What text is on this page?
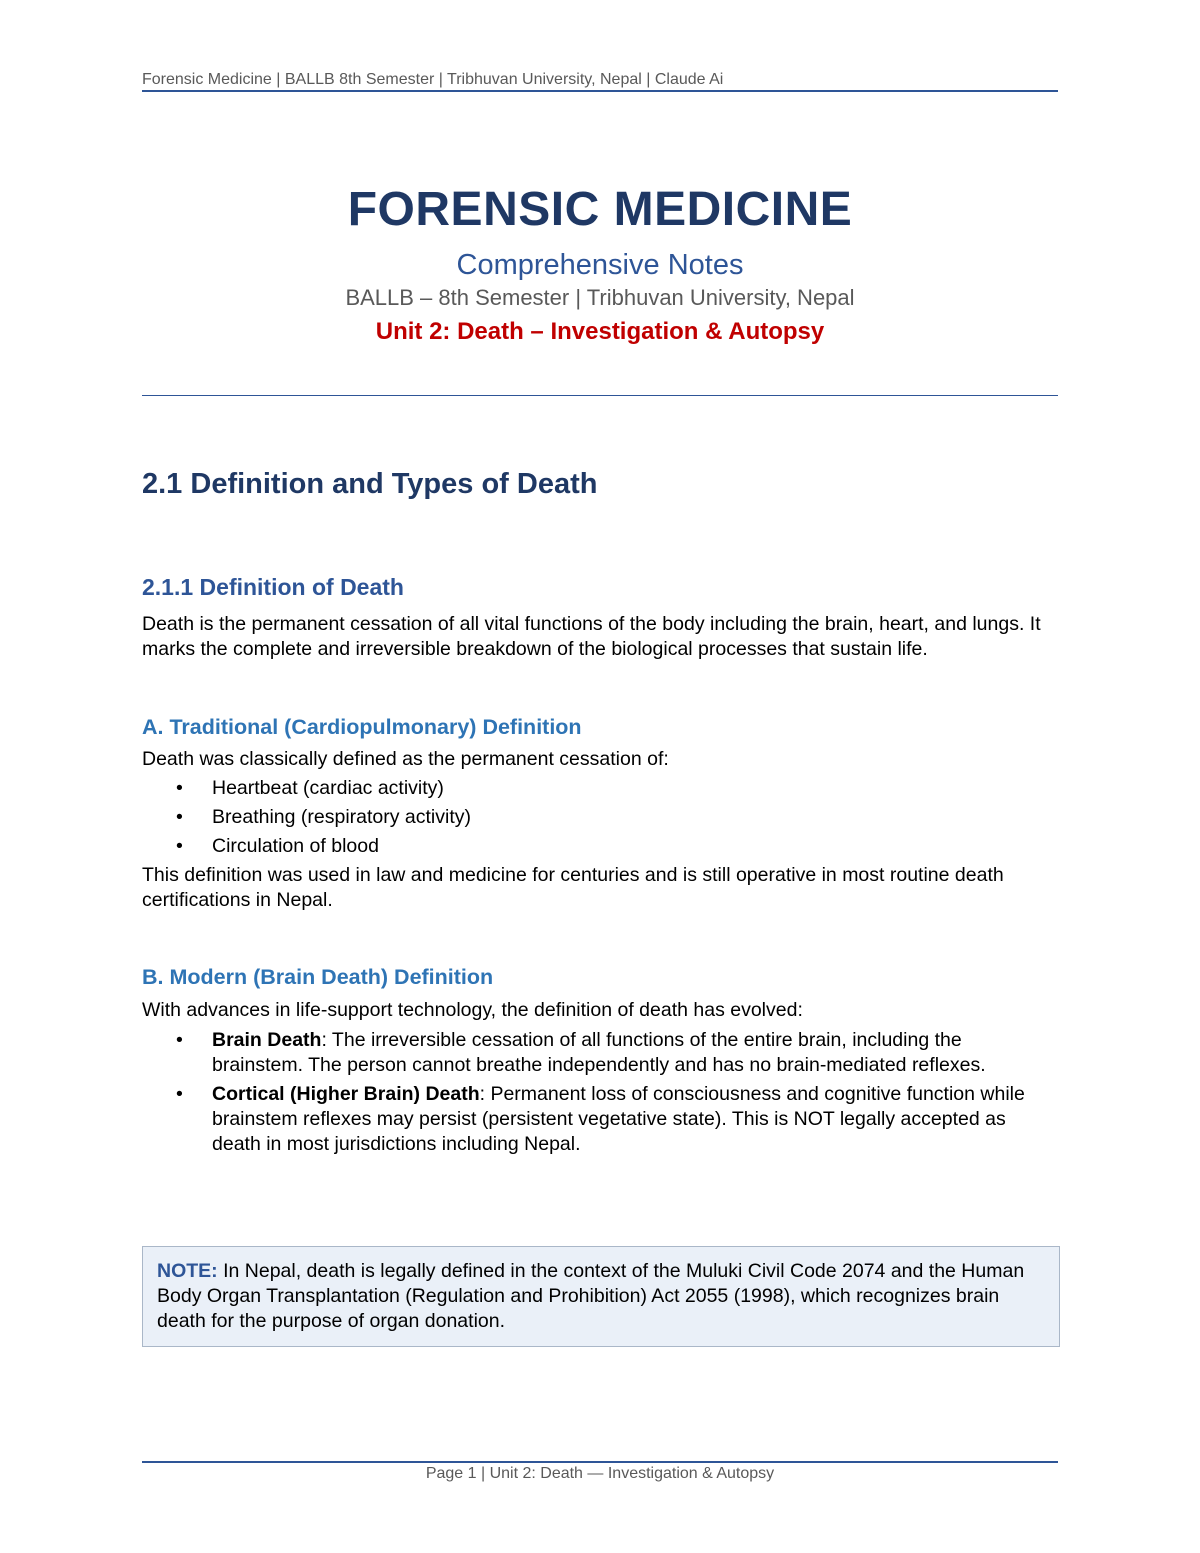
Forensic Medicine | BALLB 8th Semester | Tribhuvan University, Nepal | Claude Ai
FORENSIC MEDICINE
Comprehensive Notes
BALLB – 8th Semester | Tribhuvan University, Nepal
Unit 2: Death – Investigation & Autopsy
2.1 Definition and Types of Death
2.1.1 Definition of Death

Death is the permanent cessation of all vital functions of the body including the brain, heart, and lungs. It marks the complete and irreversible breakdown of the biological processes that sustain life.

A. Traditional (Cardiopulmonary) Definition

Death was classically defined as the permanent cessation of:

• Heartbeat (cardiac activity)
• Breathing (respiratory activity)
• Circulation of blood

This definition was used in law and medicine for centuries and is still operative in most routine death certifications in Nepal.

B. Modern (Brain Death) Definition

With advances in life-support technology, the definition of death has evolved:

• Brain Death: The irreversible cessation of all functions of the entire brain, including the brainstem. The person cannot breathe independently and has no brain-mediated reflexes.
• Cortical (Higher Brain) Death: Permanent loss of consciousness and cognitive function while brainstem reflexes may persist (persistent vegetative state). This is NOT legally accepted as death in most jurisdictions including Nepal.
NOTE: In Nepal, death is legally defined in the context of the Muluki Civil Code 2074 and the Human Body Organ Transplantation (Regulation and Prohibition) Act 2055 (1998), which recognizes brain death for the purpose of organ donation.
Page 1 | Unit 2: Death — Investigation & Autopsy
